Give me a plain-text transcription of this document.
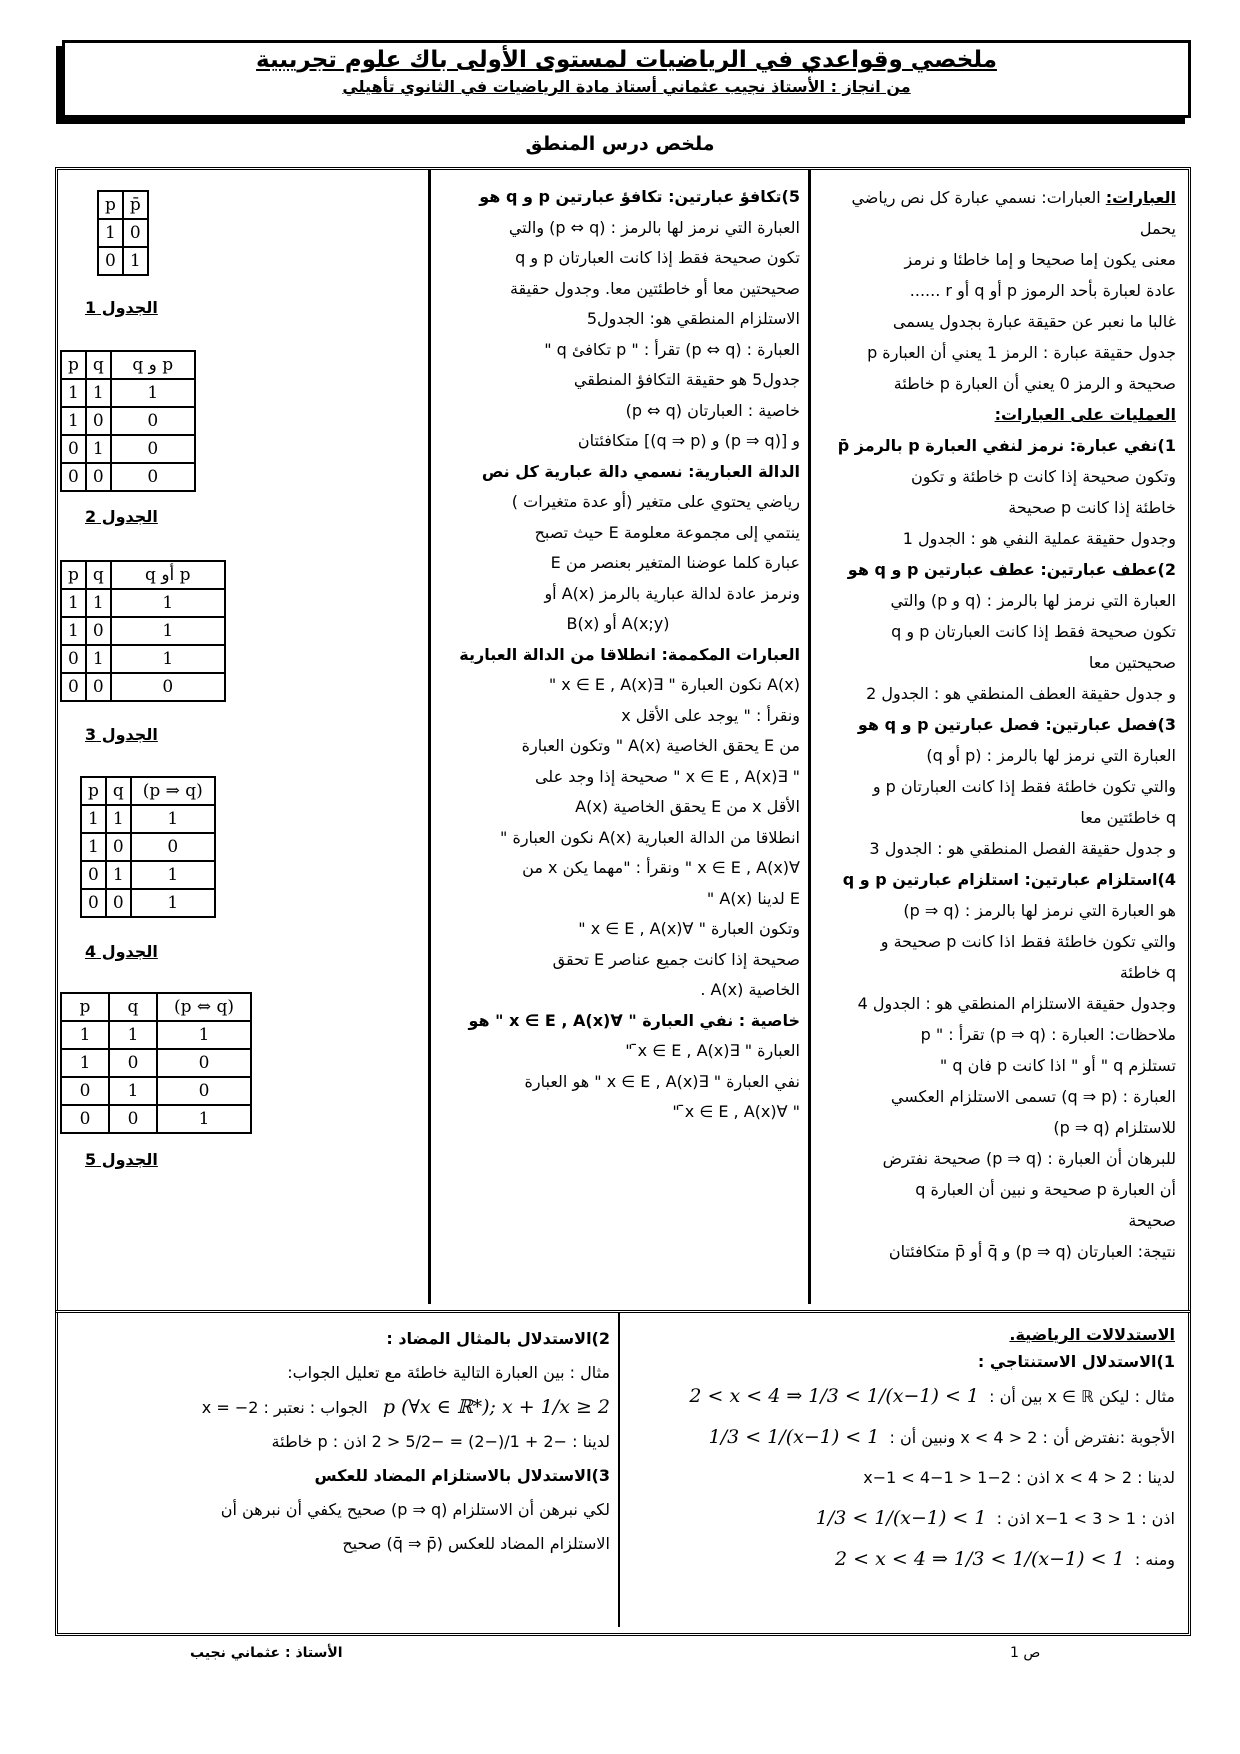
ملخصي وقواعدي في الرياضيات لمستوى الأولى باك علوم تجريبية
من انجاز : الأستاذ نجيب عثماني أستاذ مادة الرياضيات في الثانوي تأهيلي
ملخص درس المنطق

العبارات: العبارات: نسمي عبارة كل نص رياضي يحمل

معنى يكون إما صحيحا و إما خاطئا و نرمز

عادة لعبارة بأحد الرموز p أو q أو r ......

غالبا ما نعبر عن حقيقة عبارة بجدول يسمى

جدول حقيقة عبارة : الرمز 1 يعني أن العبارة p

صحيحة و الرمز 0 يعني أن العبارة p خاطئة

العمليات على العبارات:

1)نفي عبارة: نرمز لنفي العبارة p بالرمز p̄

وتكون صحيحة إذا كانت p خاطئة و تكون

خاطئة إذا كانت p صحيحة

وجدول حقيقة عملية النفي هو : الجدول 1

2)عطف عبارتين: عطف عبارتين p و q هو

العبارة التي نرمز لها بالرمز : (q و p) والتي

تكون صحيحة فقط إذا كانت العبارتان p و q

صحيحتين معا

و جدول حقيقة العطف المنطقي هو : الجدول 2

3)فصل عبارتين: فصل عبارتين p و q هو

العبارة التي نرمز لها بالرمز : (p أو q)

والتي تكون خاطئة فقط إذا كانت العبارتان p و

q خاطئتين معا

و جدول حقيقة الفصل المنطقي هو : الجدول 3

4)استلزام عبارتين: استلزام عبارتين p و q

هو العبارة التي نرمز لها بالرمز : (p ⇒ q)

والتي تكون خاطئة فقط اذا كانت p صحيحة و

q خاطئة

وجدول حقيقة الاستلزام المنطقي هو : الجدول 4

ملاحظات: العبارة : (p ⇒ q) تقرأ : " p

تستلزم q " أو " اذا كانت p فان q "

العبارة : (q ⇒ p) تسمى الاستلزام العكسي

للاستلزام (p ⇒ q)

للبرهان أن العبارة : (p ⇒ q) صحيحة نفترض

أن العبارة p صحيحة و نبين أن العبارة q

صحيحة

نتيجة: العبارتان (p ⇒ q) و q̄ أو p̄ متكافئتان

5)تكافؤ عبارتين: تكافؤ عبارتين p و q هو

العبارة التي نرمز لها بالرمز : (p ⇔ q) والتي

تكون صحيحة فقط إذا كانت العبارتان p و q

صحيحتين معا أو خاطئتين معا. وجدول حقيقة

الاستلزام المنطقي هو: الجدول5

العبارة : (p ⇔ q) تقرأ : " p تكافئ q "

جدول5 هو حقيقة التكافؤ المنطقي

خاصية : العبارتان (p ⇔ q)

و [(p ⇒ q) و (q ⇒ p)] متكافئتان

الدالة العبارية: نسمي دالة عبارية كل نص

رياضي يحتوي على متغير (أو عدة متغيرات )

ينتمي إلى مجموعة معلومة E حيث تصبح

عبارة كلما عوضنا المتغير بعنصر من E

ونرمز عادة لدالة عبارية بالرمز A(x) أو

A(x;y) أو B(x)

العبارات المكممة: انطلاقا من الدالة العبارية

A(x) نكون العبارة " ∃x ∈ E , A(x) "

ونقرأ : " يوجد على الأقل x

من E يحقق الخاصية A(x) " وتكون العبارة

" ∃x ∈ E , A(x) " صحيحة إذا وجد على

الأقل x من E يحقق الخاصية A(x)

انطلاقا من الدالة العبارية A(x) نكون العبارة "

∀x ∈ E , A(x) " ونقرأ : "مهما يكن x من

E لدينا A(x) "

وتكون العبارة " ∀x ∈ E , A(x) "

صحيحة إذا كانت جميع عناصر E تحقق

الخاصية A(x) .

خاصية : نفي العبارة " ∀x ∈ E , A(x) " هو

العبارة " ∃x ∈ E , A(x)̄ "

نفي العبارة " ∃x ∈ E , A(x) " هو العبارة

" ∀x ∈ E , A(x)̄ "

p	p̄
1	0
0	1
الجدول 1
p	q	q و p
1	1	1
1	0	0
0	1	0
0	0	0
الجدول 2
p	q	q أو p
1	1	1
1	0	1
0	1	1
0	0	0
الجدول 3
p	q	(p ⇒ q)
1	1	1
1	0	0
0	1	1
0	0	1
الجدول 4
p	q	(p ⇔ q)
1	1	1
1	0	0
0	1	0
0	0	1
الجدول 5

الاستدلالات الرياضية.

1)الاستدلال الاستنتاجي :

مثال : ليكن x ∈ ℝ بين أن :  2 < x < 4 ⇒ 1/3 < 1/(x−1) < 1

الأجوبة :نفترض أن : 2 < x < 4 ونبين أن :  1/3 < 1/(x−1) < 1

لدينا : 2 < x < 4 اذن : 2−1 < x−1 < 4−1

اذن : 1 < x−1 < 3 اذن :  1/3 < 1/(x−1) < 1

ومنه :  2 < x < 4 ⇒ 1/3 < 1/(x−1) < 1

2)الاستدلال بالمثال المضاد :

مثال : بين العبارة التالية خاطئة مع تعليل الجواب:

p (∀x ∈ ℝ*); x + 1/x ≥ 2   الجواب : نعتبر : x = −2

لدينا : −2 + 1/(−2) = −5/2 < 2 اذن : p خاطئة

3)الاستدلال بالاستلزام المضاد للعكس

لكي نبرهن أن الاستلزام (p ⇒ q) صحيح يكفي أن نبرهن أن

الاستلزام المضاد للعكس (q̄ ⇒ p̄) صحيح

الأستاذ : عثماني نجيب	ص 1
